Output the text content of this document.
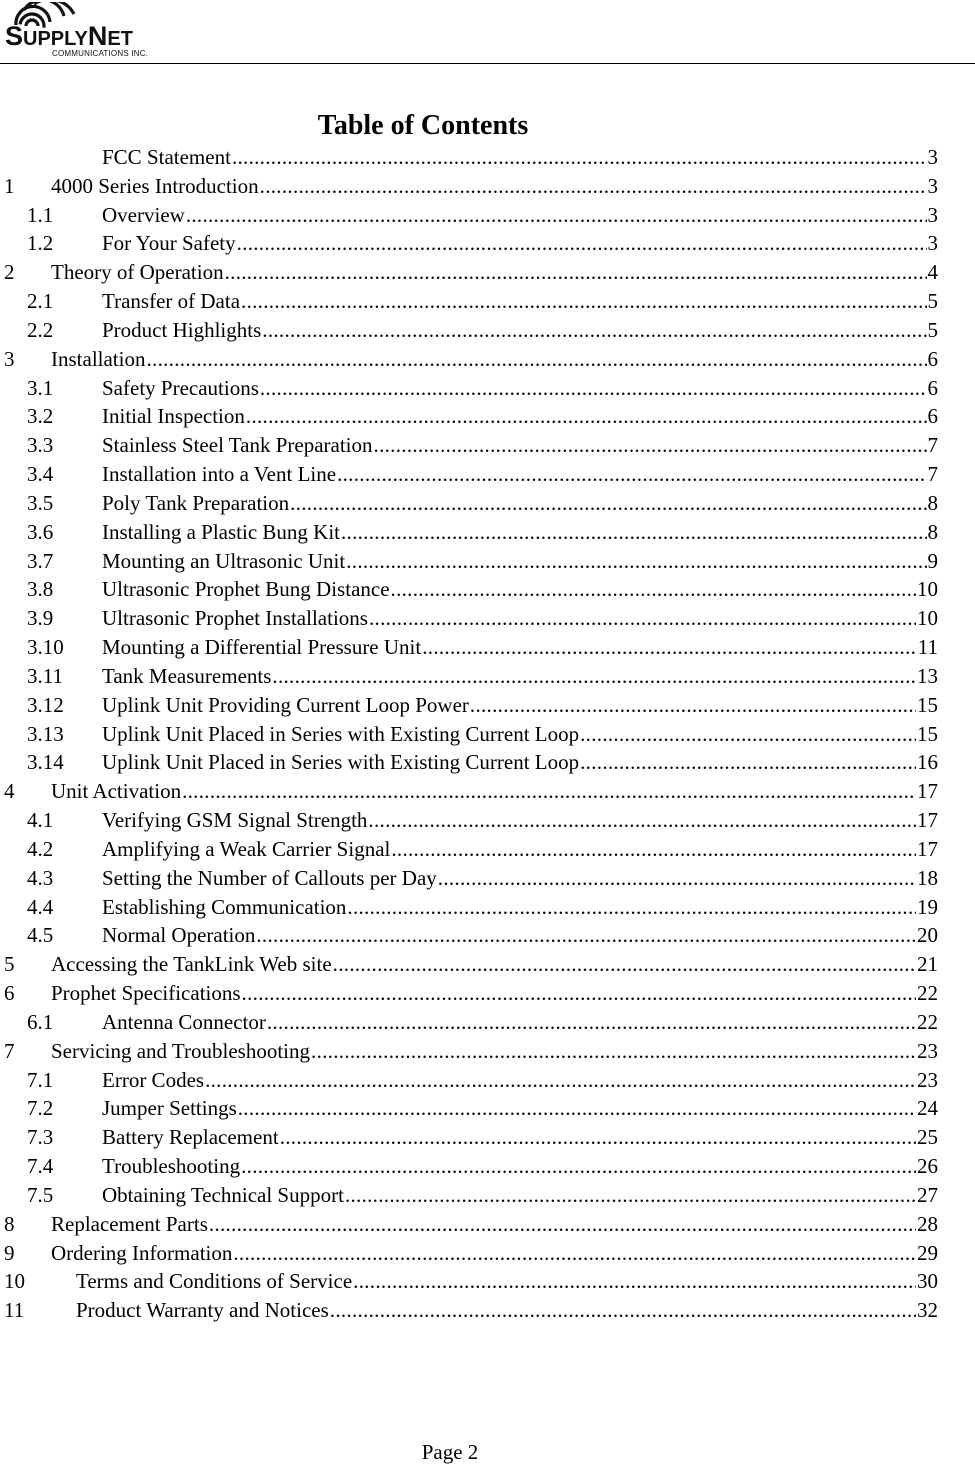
SUPPLYNET
COMMUNICATIONS INC.
Table of Contents
FCC Statement .....	3
1	4000 Series Introduction .....	3
1.1	Overview .....	3
1.2	For Your Safety .....	3
2	Theory of Operation .....	4
2.1	Transfer of Data .....	5
2.2	Product Highlights .....	5
3	Installation .....	6
3.1	Safety Precautions .....	6
3.2	Initial Inspection .....	6
3.3	Stainless Steel Tank Preparation .....	7
3.4	Installation into a Vent Line .....	7
3.5	Poly Tank Preparation .....	8
3.6	Installing a Plastic Bung Kit .....	8
3.7	Mounting an Ultrasonic Unit .....	9
3.8	Ultrasonic Prophet Bung Distance .....	10
3.9	Ultrasonic Prophet Installations .....	10
3.10	Mounting a Differential Pressure Unit .....	11
3.11	Tank Measurements .....	13
3.12	Uplink Unit Providing Current Loop Power .....	15
3.13	Uplink Unit Placed in Series with Existing Current Loop .....	15
3.14	Uplink Unit Placed in Series with Existing Current Loop .....	16
4	Unit Activation .....	17
4.1	Verifying GSM Signal Strength .....	17
4.2	Amplifying a Weak Carrier Signal .....	17
4.3	Setting the Number of Callouts per Day .....	18
4.4	Establishing Communication .....	19
4.5	Normal Operation .....	20
5	Accessing the TankLink Web site .....	21
6	Prophet Specifications .....	22
6.1	Antenna Connector .....	22
7	Servicing and Troubleshooting .....	23
7.1	Error Codes .....	23
7.2	Jumper Settings .....	24
7.3	Battery Replacement .....	25
7.4	Troubleshooting .....	26
7.5	Obtaining Technical Support .....	27
8	Replacement Parts .....	28
9	Ordering Information .....	29
10	Terms and Conditions of Service .....	30
11	Product Warranty and Notices .....	32
Page 2
